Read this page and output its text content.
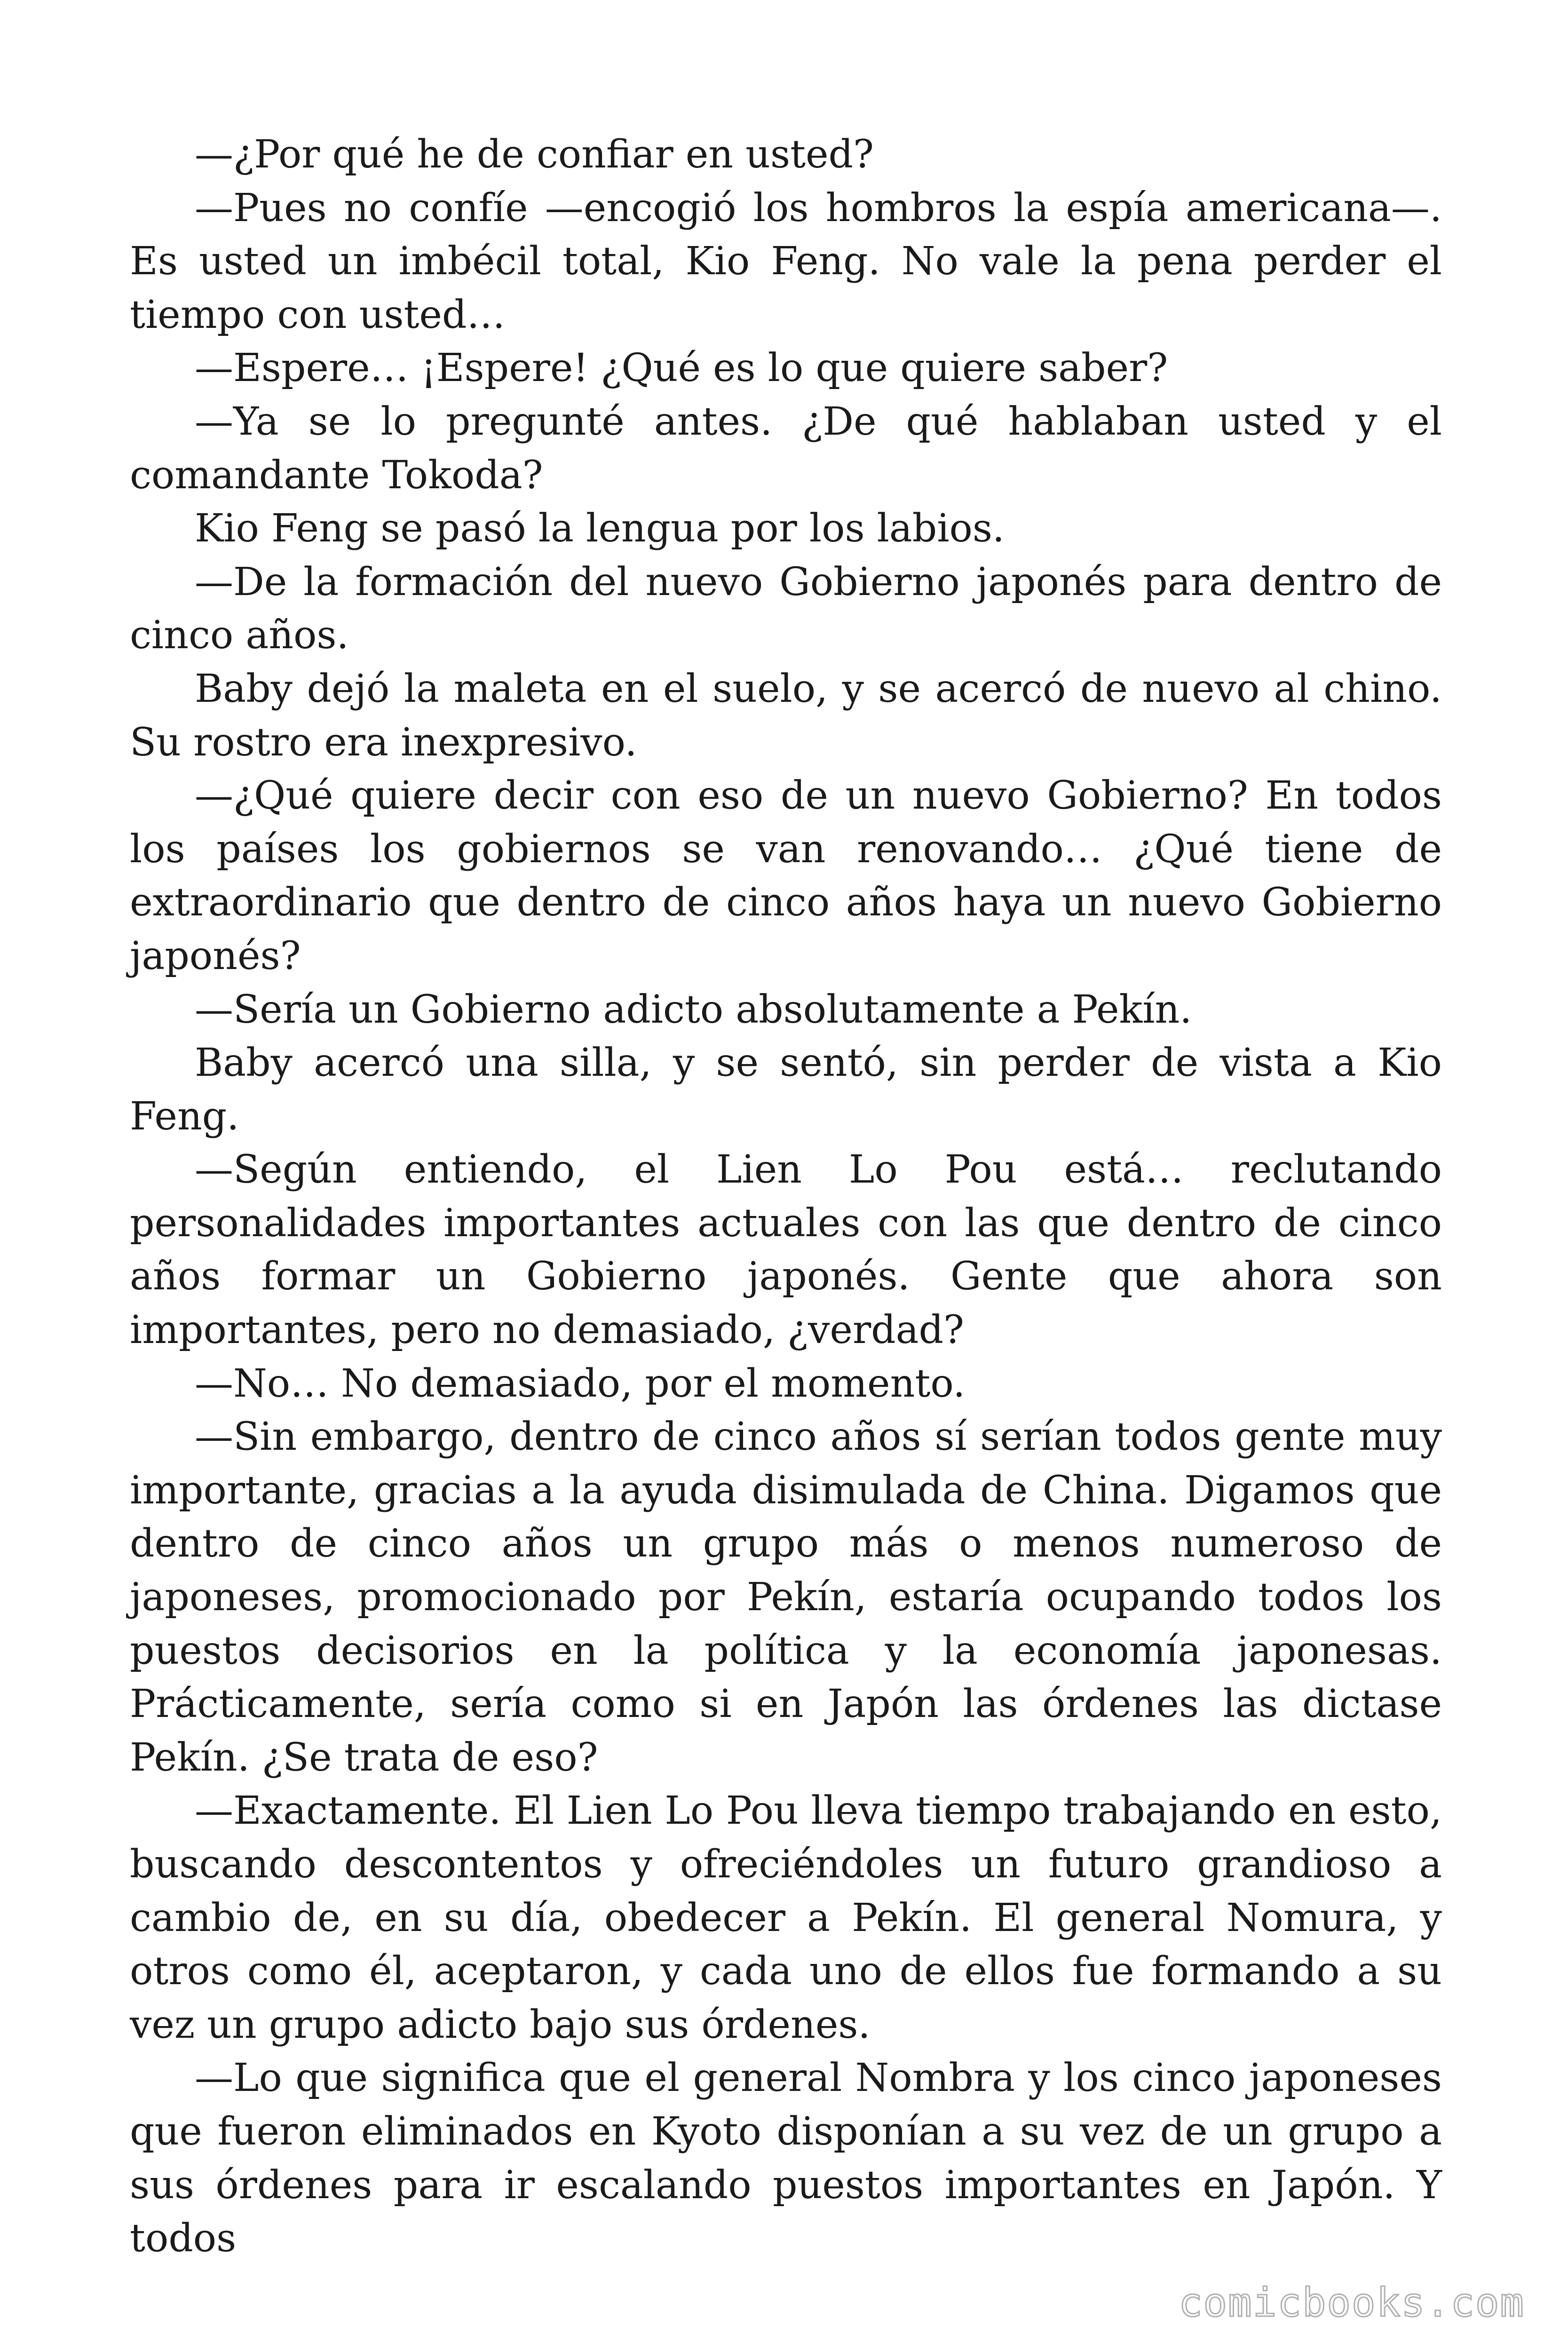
—¿Por qué he de confiar en usted?

—Pues no confíe —encogió los hombros la espía americana—. Es usted un imbécil total, Kio Feng. No vale la pena perder el tiempo con usted…

—Espere… ¡Espere! ¿Qué es lo que quiere saber?

—Ya se lo pregunté antes. ¿De qué hablaban usted y el comandante Tokoda?

Kio Feng se pasó la lengua por los labios.

—De la formación del nuevo Gobierno japonés para dentro de cinco años.

Baby dejó la maleta en el suelo, y se acercó de nuevo al chino. Su rostro era inexpresivo.

—¿Qué quiere decir con eso de un nuevo Gobierno? En todos los países los gobiernos se van renovando… ¿Qué tiene de extraordinario que dentro de cinco años haya un nuevo Gobierno japonés?

—Sería un Gobierno adicto absolutamente a Pekín.

Baby acercó una silla, y se sentó, sin perder de vista a Kio Feng.

—Según entiendo, el Lien Lo Pou está… reclutando personalidades importantes actuales con las que dentro de cinco años formar un Gobierno japonés. Gente que ahora son importantes, pero no demasiado, ¿verdad?

—No… No demasiado, por el momento.

—Sin embargo, dentro de cinco años sí serían todos gente muy importante, gracias a la ayuda disimulada de China. Digamos que dentro de cinco años un grupo más o menos numeroso de japoneses, promocionado por Pekín, estaría ocupando todos los puestos decisorios en la política y la economía japonesas. Prácticamente, sería como si en Japón las órdenes las dictase Pekín. ¿Se trata de eso?

—Exactamente. El Lien Lo Pou lleva tiempo trabajando en esto, buscando descontentos y ofreciéndoles un futuro grandioso a cambio de, en su día, obedecer a Pekín. El general Nomura, y otros como él, aceptaron, y cada uno de ellos fue formando a su vez un grupo adicto bajo sus órdenes.

—Lo que significa que el general Nombra y los cinco japoneses que fueron eliminados en Kyoto disponían a su vez de un grupo a sus órdenes para ir escalando puestos importantes en Japón. Y todos

comicbooks.com
